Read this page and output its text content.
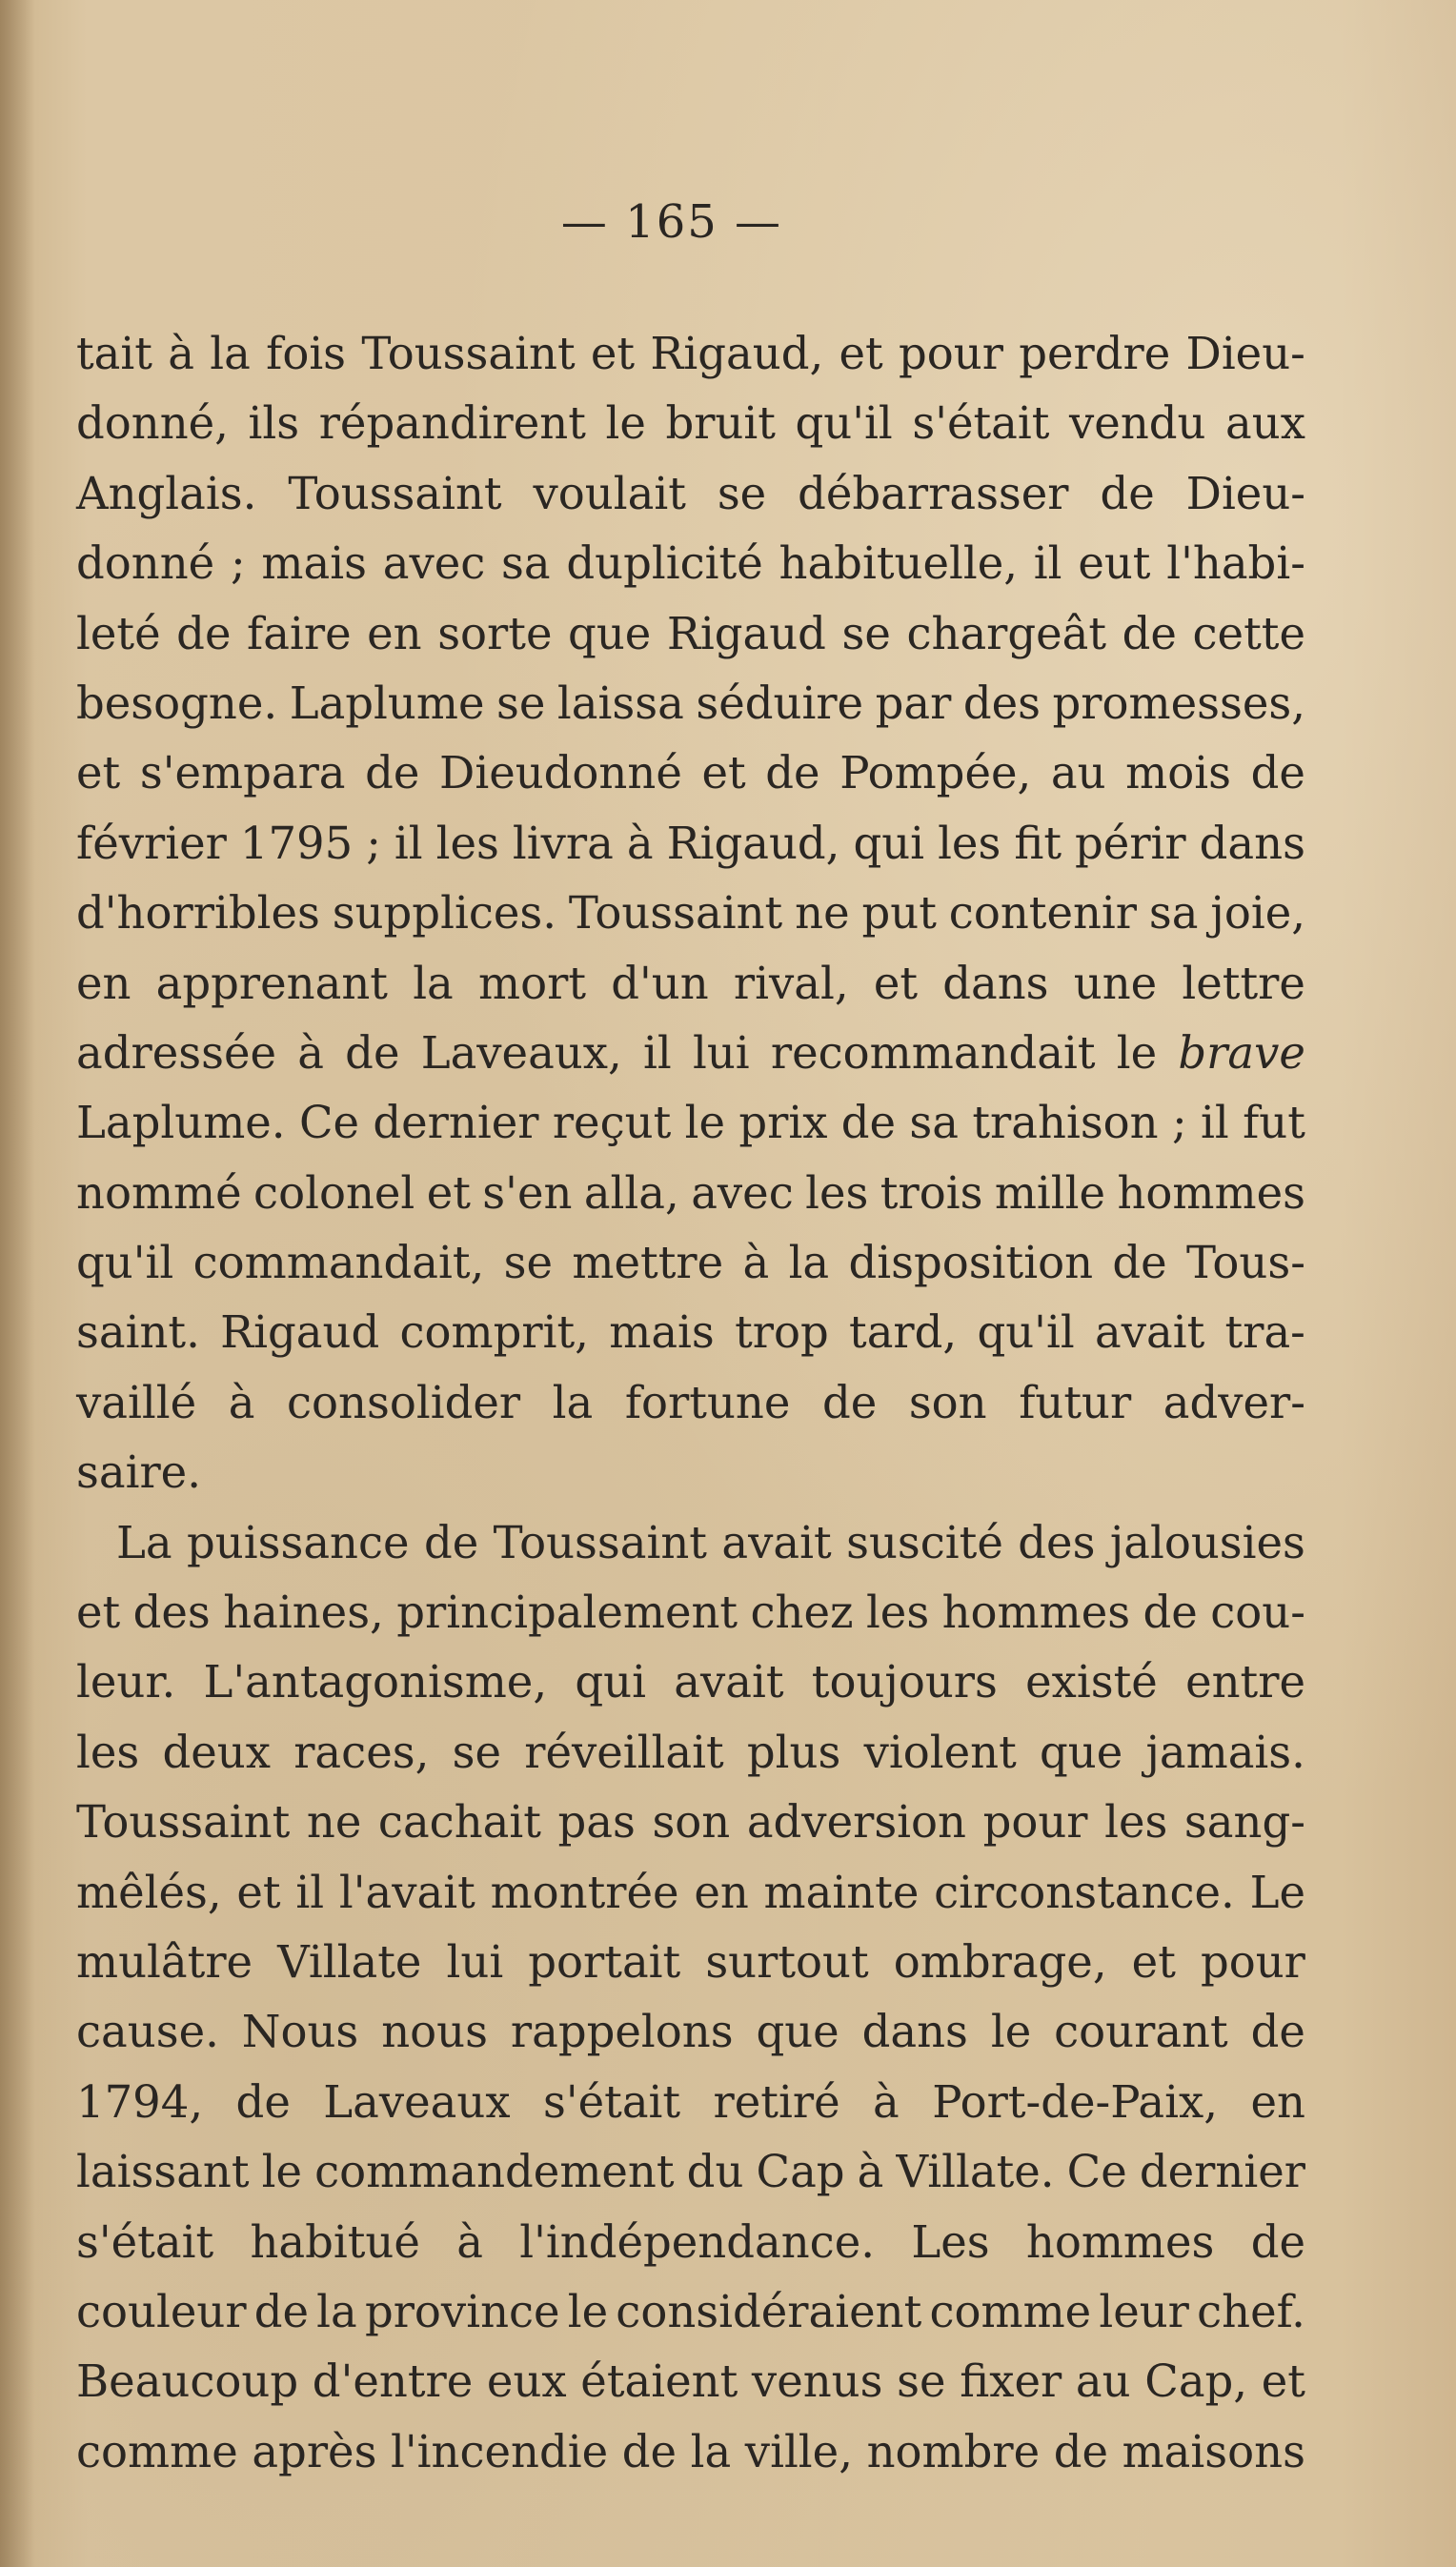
— 165 —
tait à la fois Toussaint et Rigaud, et pour perdre Dieu-
donné, ils répandirent le bruit qu'il s'était vendu aux
Anglais. Toussaint voulait se débarrasser de Dieu-
donné ; mais avec sa duplicité habituelle, il eut l'habi-
leté de faire en sorte que Rigaud se chargeât de cette
besogne. Laplume se laissa séduire par des promesses,
et s'empara de Dieudonné et de Pompée, au mois de
février 1795 ; il les livra à Rigaud, qui les fit périr dans
d'horribles supplices. Toussaint ne put contenir sa joie,
en apprenant la mort d'un rival, et dans une lettre
adressée à de Laveaux, il lui recommandait le brave
Laplume. Ce dernier reçut le prix de sa trahison ; il fut
nommé colonel et s'en alla, avec les trois mille hommes
qu'il commandait, se mettre à la disposition de Tous-
saint. Rigaud comprit, mais trop tard, qu'il avait tra-
vaillé à consolider la fortune de son futur adver-
saire.
La puissance de Toussaint avait suscité des jalousies
et des haines, principalement chez les hommes de cou-
leur. L'antagonisme, qui avait toujours existé entre
les deux races, se réveillait plus violent que jamais.
Toussaint ne cachait pas son adversion pour les sang-
mêlés, et il l'avait montrée en mainte circonstance. Le
mulâtre Villate lui portait surtout ombrage, et pour
cause. Nous nous rappelons que dans le courant de
1794, de Laveaux s'était retiré à Port-de-Paix, en
laissant le commandement du Cap à Villate. Ce dernier
s'était habitué à l'indépendance. Les hommes de
couleur de la province le considéraient comme leur chef.
Beaucoup d'entre eux étaient venus se fixer au Cap, et
comme après l'incendie de la ville, nombre de maisons
